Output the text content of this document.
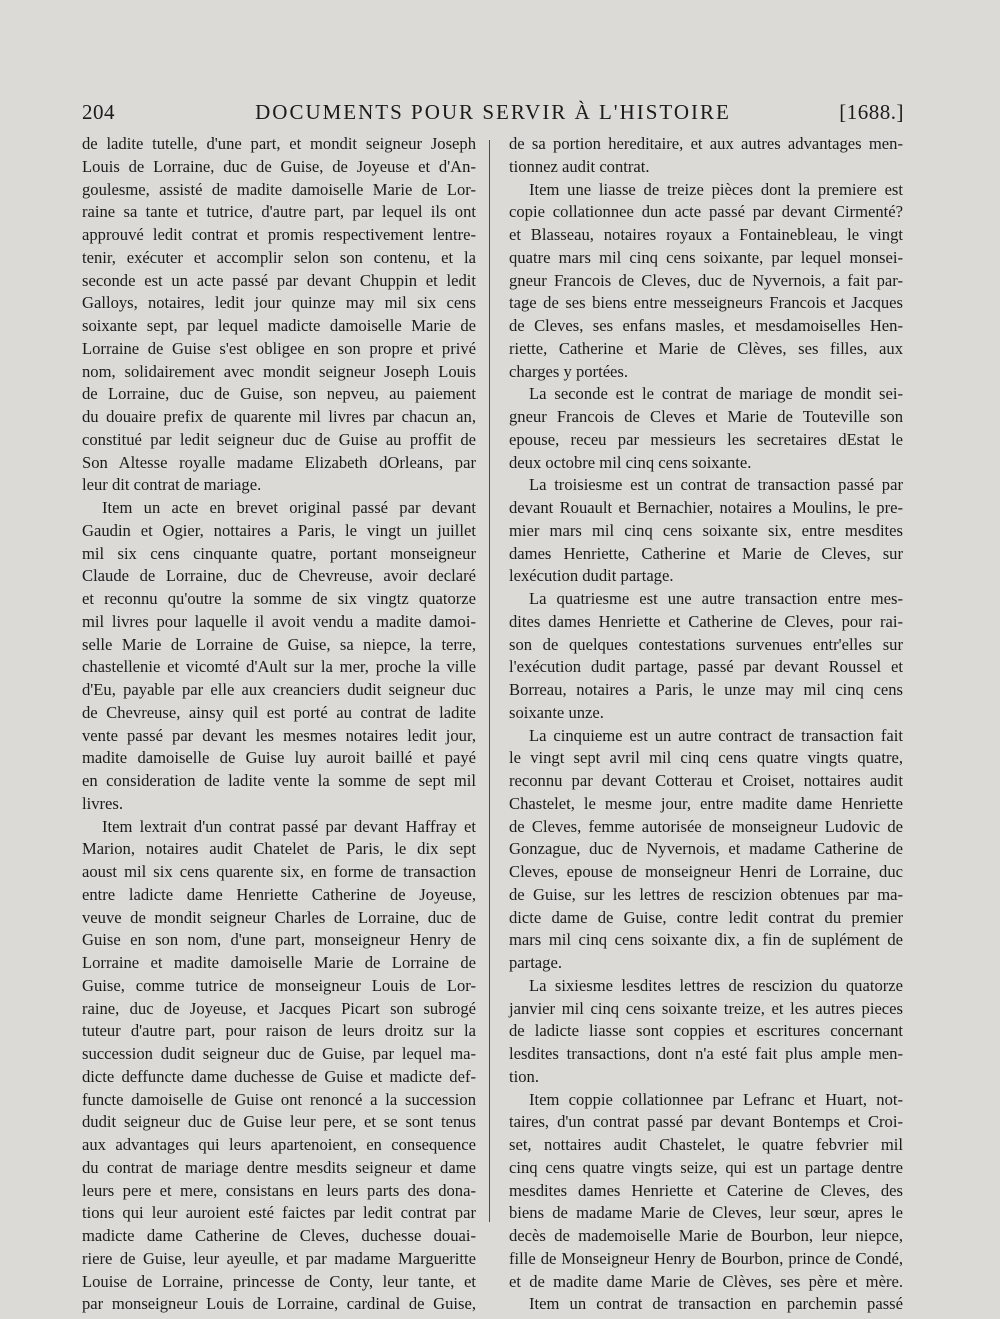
204	DOCUMENTS POUR SERVIR À L'HISTOIRE	[1688.]
de ladite tutelle, d'une part, et mondit seigneur Joseph
Louis de Lorraine, duc de Guise, de Joyeuse et d'An-
goulesme, assisté de madite damoiselle Marie de Lor-
raine sa tante et tutrice, d'autre part, par lequel ils ont
approuvé ledit contrat et promis respectivement lentre-
tenir, exécuter et accomplir selon son contenu, et la
seconde est un acte passé par devant Chuppin et ledit
Galloys, notaires, ledit jour quinze may mil six cens
soixante sept, par lequel madicte damoiselle Marie de
Lorraine de Guise s'est obligee en son propre et privé
nom, solidairement avec mondit seigneur Joseph Louis
de Lorraine, duc de Guise, son nepveu, au paiement
du douaire prefix de quarente mil livres par chacun an,
constitué par ledit seigneur duc de Guise au proffit de
Son Altesse royalle madame Elizabeth dOrleans, par
leur dit contrat de mariage.
Item un acte en brevet original passé par devant
Gaudin et Ogier, nottaires a Paris, le vingt un juillet
mil six cens cinquante quatre, portant monseigneur
Claude de Lorraine, duc de Chevreuse, avoir declaré
et reconnu qu'outre la somme de six vingtz quatorze
mil livres pour laquelle il avoit vendu a madite damoi-
selle Marie de Lorraine de Guise, sa niepce, la terre,
chastellenie et vicomté d'Ault sur la mer, proche la ville
d'Eu, payable par elle aux creanciers dudit seigneur duc
de Chevreuse, ainsy quil est porté au contrat de ladite
vente passé par devant les mesmes notaires ledit jour,
madite damoiselle de Guise luy auroit baillé et payé
en consideration de ladite vente la somme de sept mil
livres.
Item lextrait d'un contrat passé par devant Haffray et
Marion, notaires audit Chatelet de Paris, le dix sept
aoust mil six cens quarente six, en forme de transaction
entre ladicte dame Henriette Catherine de Joyeuse,
veuve de mondit seigneur Charles de Lorraine, duc de
Guise en son nom, d'une part, monseigneur Henry de
Lorraine et madite damoiselle Marie de Lorraine de
Guise, comme tutrice de monseigneur Louis de Lor-
raine, duc de Joyeuse, et Jacques Picart son subrogé
tuteur d'autre part, pour raison de leurs droitz sur la
succession dudit seigneur duc de Guise, par lequel ma-
dicte deffuncte dame duchesse de Guise et madicte def-
functe damoiselle de Guise ont renoncé a la succession
dudit seigneur duc de Guise leur pere, et se sont tenus
aux advantages qui leurs apartenoient, en consequence
du contrat de mariage dentre mesdits seigneur et dame
leurs pere et mere, consistans en leurs parts des dona-
tions qui leur auroient esté faictes par ledit contrat par
madicte dame Catherine de Cleves, duchesse douai-
riere de Guise, leur ayeulle, et par madame Margueritte
Louise de Lorraine, princesse de Conty, leur tante, et
par monseigneur Louis de Lorraine, cardinal de Guise,
de sa portion hereditaire, et aux autres advantages men-
tionnez audit contrat.
Item une liasse de treize pièces dont la premiere est
copie collationnee dun acte passé par devant Cirmenté?
et Blasseau, notaires royaux a Fontainebleau, le vingt
quatre mars mil cinq cens soixante, par lequel monsei-
gneur Francois de Cleves, duc de Nyvernois, a fait par-
tage de ses biens entre messeigneurs Francois et Jacques
de Cleves, ses enfans masles, et mesdamoiselles Hen-
riette, Catherine et Marie de Clèves, ses filles, aux
charges y portées.
La seconde est le contrat de mariage de mondit sei-
gneur Francois de Cleves et Marie de Touteville son
epouse, receu par messieurs les secretaires dEstat le
deux octobre mil cinq cens soixante.
La troisiesme est un contrat de transaction passé par
devant Rouault et Bernachier, notaires a Moulins, le pre-
mier mars mil cinq cens soixante six, entre mesdites
dames Henriette, Catherine et Marie de Cleves, sur
lexécution dudit partage.
La quatriesme est une autre transaction entre mes-
dites dames Henriette et Catherine de Cleves, pour rai-
son de quelques contestations survenues entr'elles sur
l'exécution dudit partage, passé par devant Roussel et
Borreau, notaires a Paris, le unze may mil cinq cens
soixante unze.
La cinquieme est un autre contract de transaction fait
le vingt sept avril mil cinq cens quatre vingts quatre,
reconnu par devant Cotterau et Croiset, nottaires audit
Chastelet, le mesme jour, entre madite dame Henriette
de Cleves, femme autorisée de monseigneur Ludovic de
Gonzague, duc de Nyvernois, et madame Catherine de
Cleves, epouse de monseigneur Henri de Lorraine, duc
de Guise, sur les lettres de rescizion obtenues par ma-
dicte dame de Guise, contre ledit contrat du premier
mars mil cinq cens soixante dix, a fin de suplément de
partage.
La sixiesme lesdites lettres de rescizion du quatorze
janvier mil cinq cens soixante treize, et les autres pieces
de ladicte liasse sont coppies et escritures concernant
lesdites transactions, dont n'a esté fait plus ample men-
tion.
Item coppie collationnee par Lefranc et Huart, not-
taires, d'un contrat passé par devant Bontemps et Croi-
set, nottaires audit Chastelet, le quatre febvrier mil
cinq cens quatre vingts seize, qui est un partage dentre
mesdites dames Henriette et Caterine de Cleves, des
biens de madame Marie de Cleves, leur sœur, apres le
decès de mademoiselle Marie de Bourbon, leur niepce,
fille de Monseigneur Henry de Bourbon, prince de Condé,
et de madite dame Marie de Clèves, ses père et mère.
Item un contrat de transaction en parchemin passé
